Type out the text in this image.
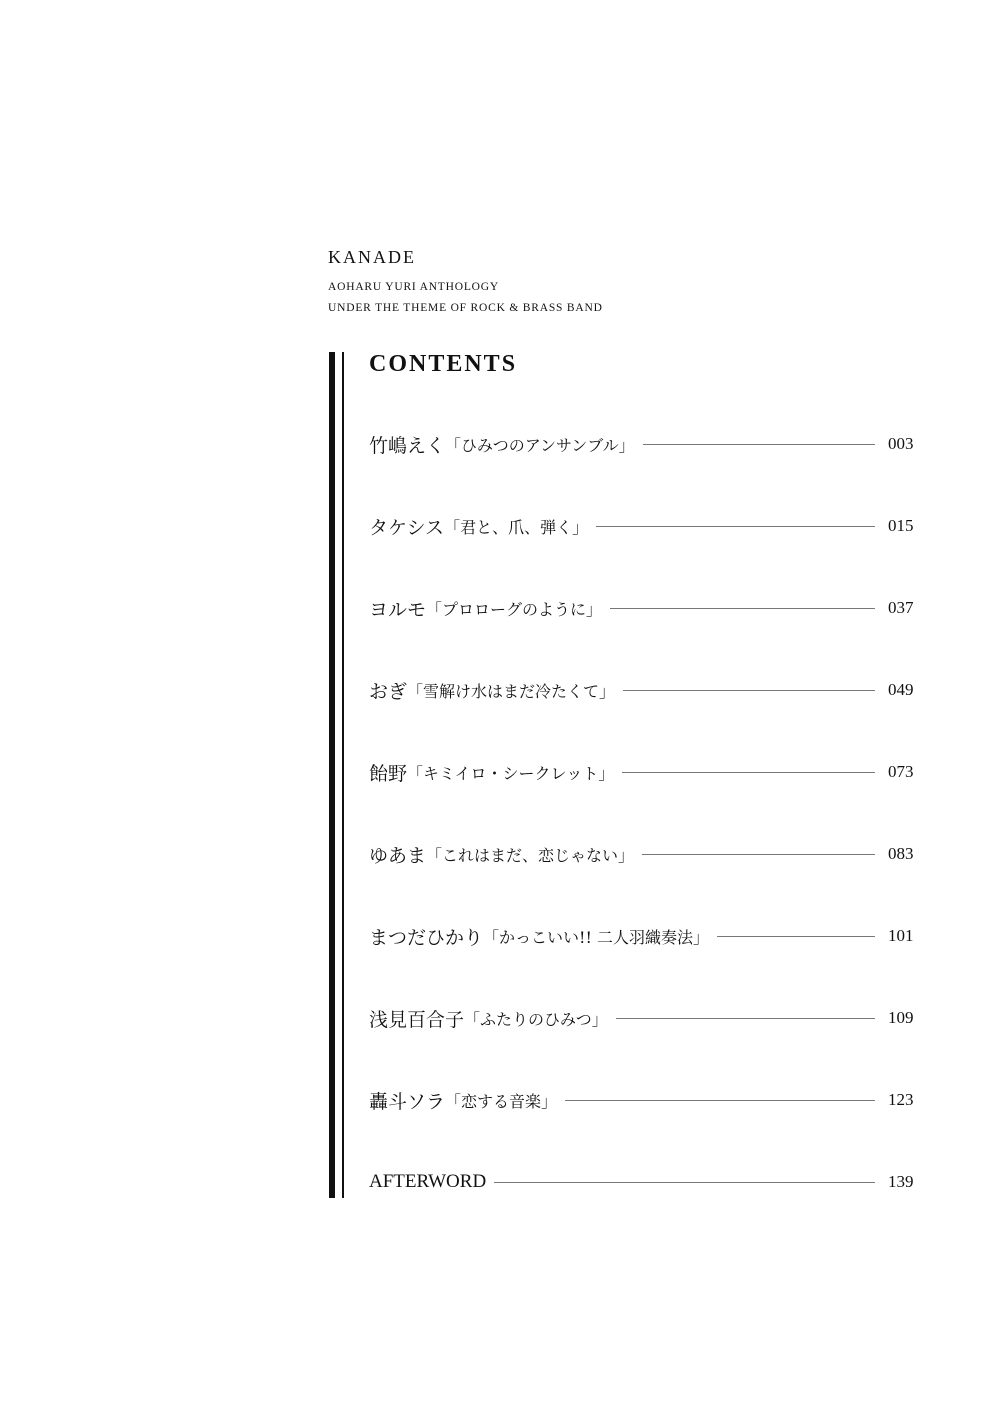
KANADE

AOHARU YURI ANTHOLOGY

UNDER THE THEME OF ROCK & BRASS BAND

CONTENTS
竹嶋えく 「ひみつのアンサンブル」	003
タケシス 「君と、爪、弾く」	015
ヨルモ 「プロローグのように」	037
おぎ 「雪解け水はまだ冷たくて」	049
飴野 「キミイロ・シークレット」	073
ゆあま 「これはまだ、恋じゃない」	083
まつだひかり 「かっこいい!! 二人羽織奏法」	101
浅見百合子 「ふたりのひみつ」	109
轟斗ソラ 「恋する音楽」	123
AFTERWORD	139
